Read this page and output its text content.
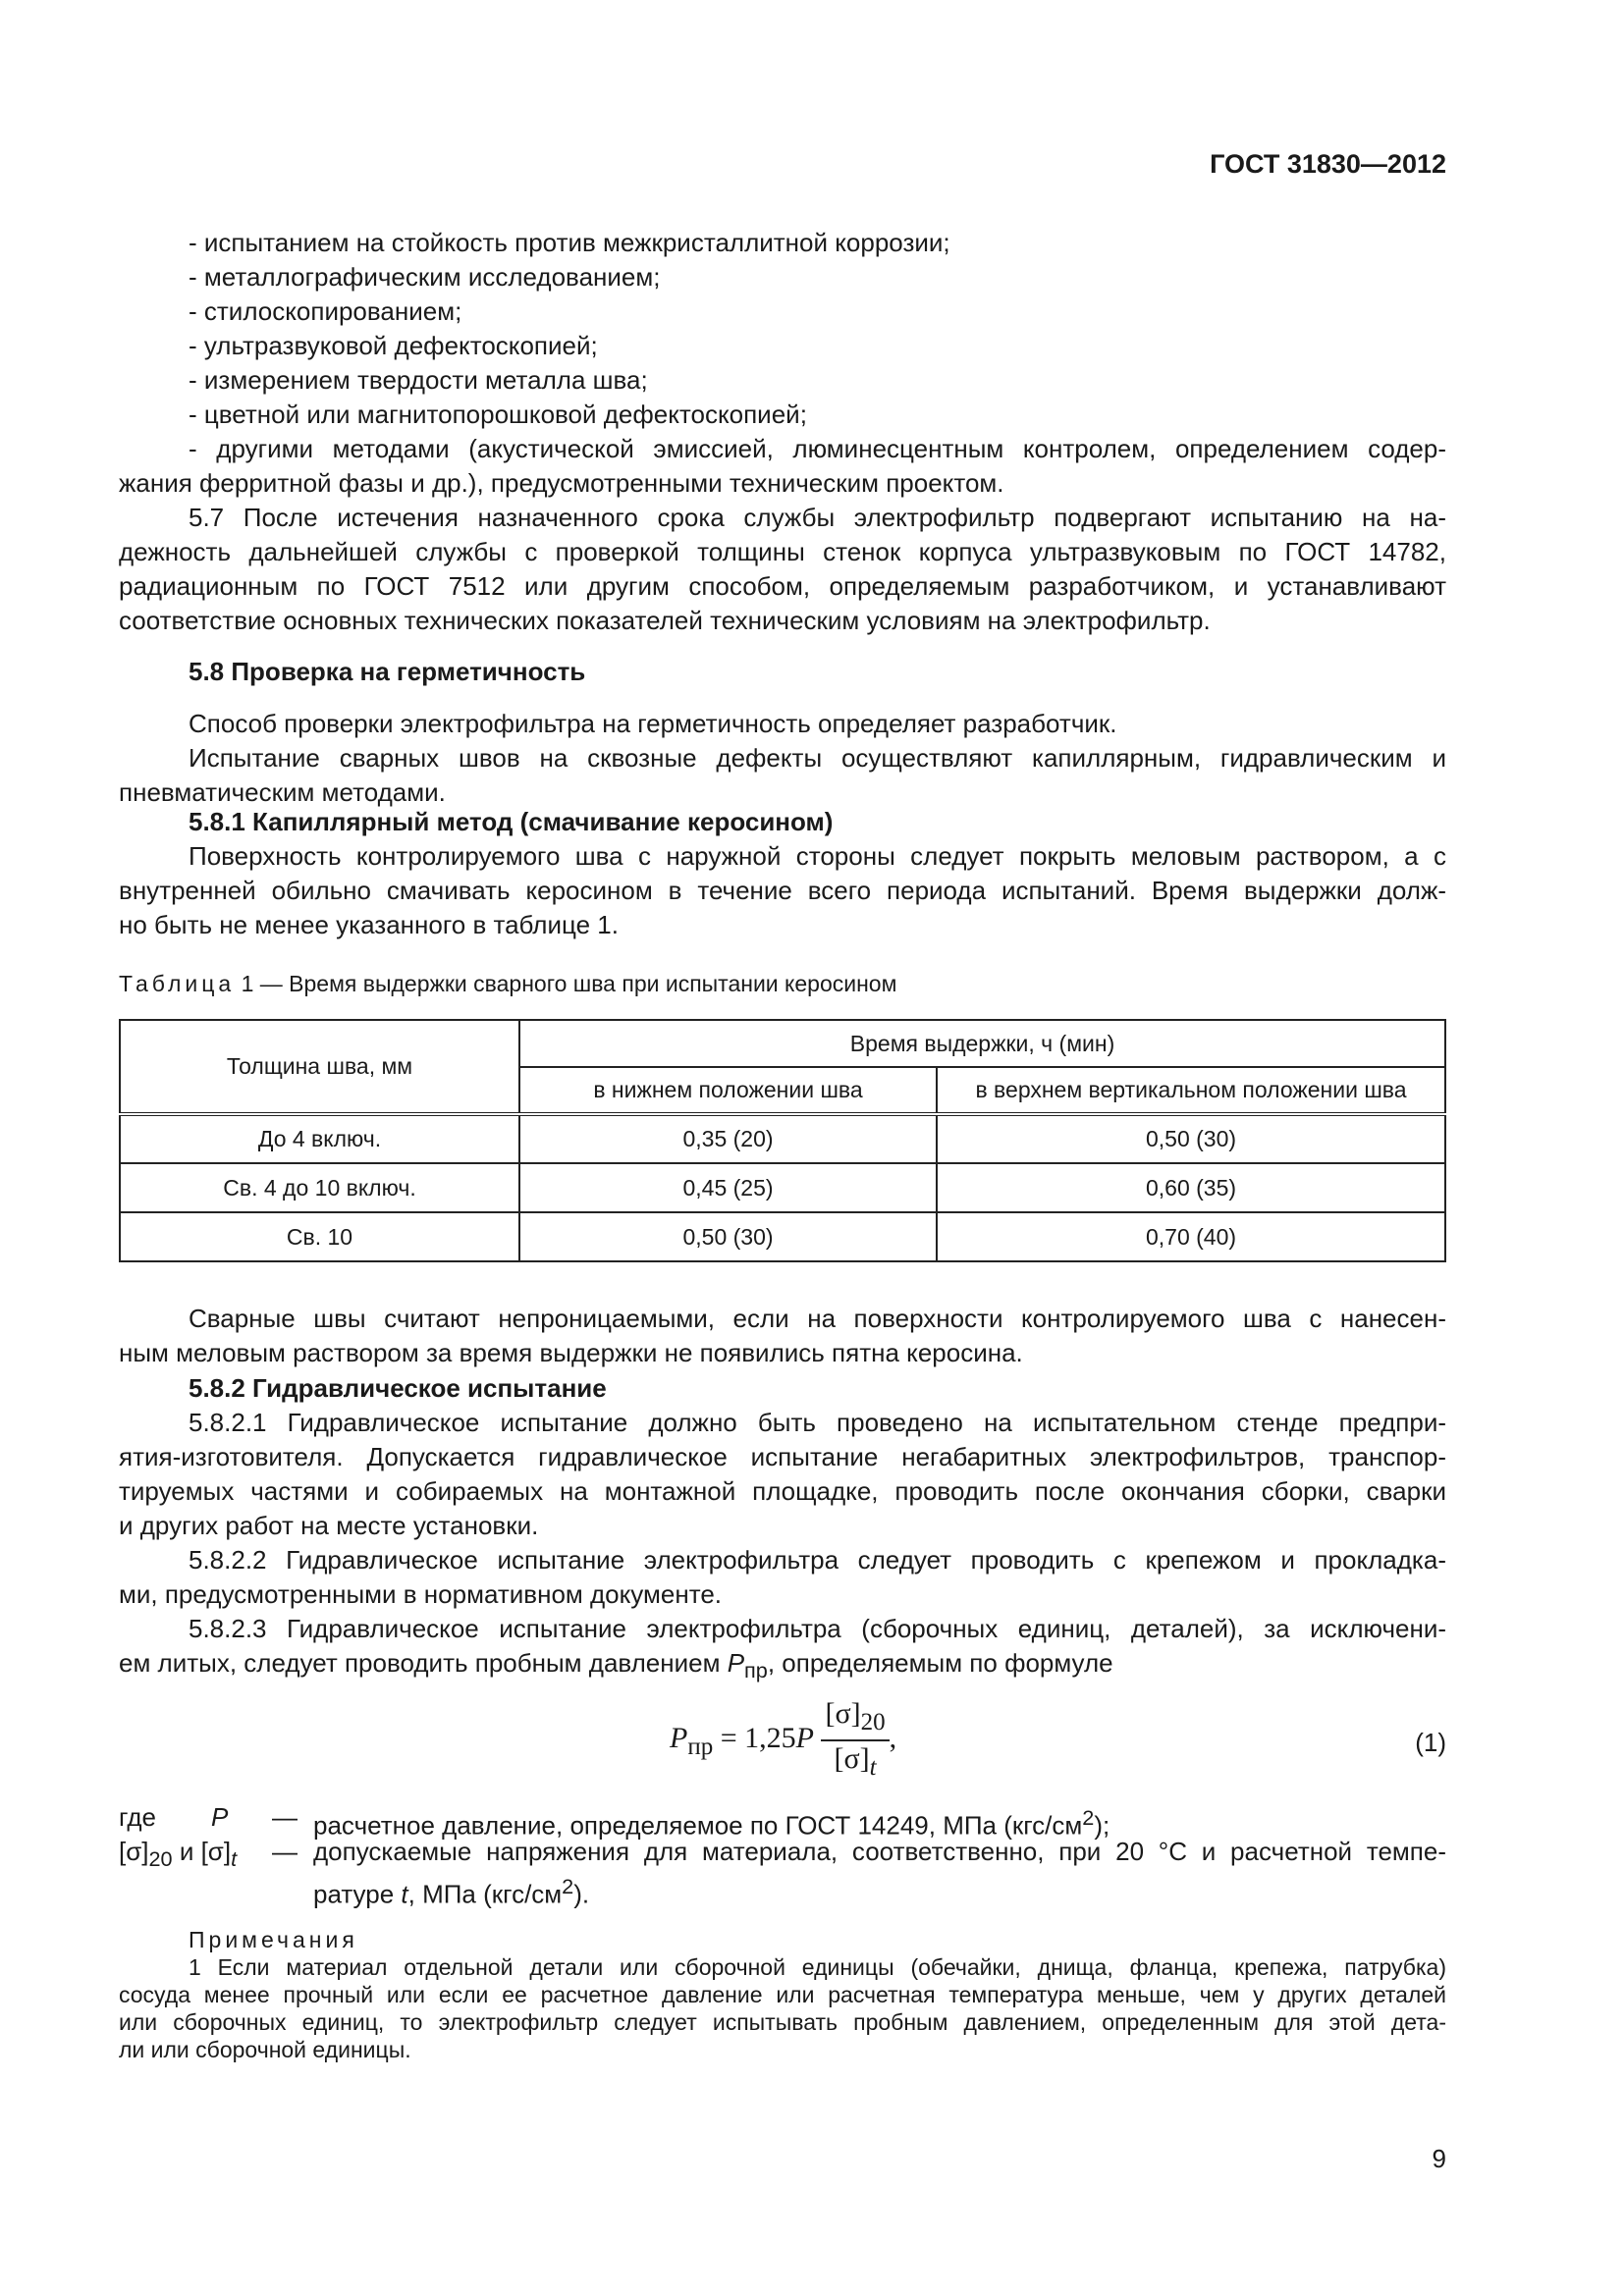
ГОСТ 31830—2012

- испытанием на стойкость против межкристаллитной коррозии;

- металлографическим исследованием;

- стилоскопированием;

- ультразвуковой дефектоскопией;

- измерением твердости металла шва;

- цветной или магнитопорошковой дефектоскопией;

- другими методами (акустической эмиссией, люминесцентным контролем, определением содер-

жания ферритной фазы и др.), предусмотренными техническим проектом.

5.7 После истечения назначенного срока службы электрофильтр подвергают испытанию на на-

дежность дальнейшей службы с проверкой толщины стенок корпуса ультразвуковым по ГОСТ 14782,

радиационным по ГОСТ 7512 или другим способом, определяемым разработчиком, и устанавливают

соответствие основных технических показателей техническим условиям на электрофильтр.

5.8 Проверка на герметичность

Способ проверки электрофильтра на герметичность определяет разработчик.

Испытание сварных швов на сквозные дефекты осуществляют капиллярным, гидравлическим и

пневматическим методами.

5.8.1 Капиллярный метод (смачивание керосином)

Поверхность контролируемого шва с наружной стороны следует покрыть меловым раствором, а с

внутренней обильно смачивать керосином в течение всего периода испытаний. Время выдержки долж-

но быть не менее указанного в таблице 1.

Таблица 1 — Время выдержки сварного шва при испытании керосином
Толщина шва, мм	Время выдержки, ч (мин)	
	в нижнем положении шва	в верхнем вертикальном положении шва
До 4 включ.	0,35 (20)	0,50 (30)
Св. 4 до 10 включ.	0,45 (25)	0,60 (35)
Св. 10	0,50 (30)	0,70 (40)

Сварные швы считают непроницаемыми, если на поверхности контролируемого шва с нанесен-

ным меловым раствором за время выдержки не появились пятна керосина.

5.8.2 Гидравлическое испытание

5.8.2.1 Гидравлическое испытание должно быть проведено на испытательном стенде предпри-

ятия-изготовителя. Допускается гидравлическое испытание негабаритных электрофильтров, транспор-

тируемых частями и собираемых на монтажной площадке, проводить после окончания сборки, сварки

и других работ на месте установки.

5.8.2.2 Гидравлическое испытание электрофильтра следует проводить с крепежом и прокладка-

ми, предусмотренными в нормативном документе.

5.8.2.3 Гидравлическое испытание электрофильтра (сборочных единиц, деталей), за исключени-

ем литых, следует проводить пробным давлением $P_{пр}$, определяемым по формуле

$P_{пр} = 1,25P \frac{[\sigma]_{20}}{[\sigma]_t}$ ,	(1)
где P — расчетное давление, определяемое по ГОСТ 14249, МПа $(кгс/см^2)$;
$[\sigma]_{20}$ и $[\sigma]_t$ — допускаемые напряжения для материала, соответственно, при 20 °С и расчетной темпе-
ратуре t, МПа $(кгс/см^2)$.

Примечания

1 Если материал отдельной детали или сборочной единицы (обечайки, днища, фланца, крепежа, патрубка)

сосуда менее прочный или если ее расчетное давление или расчетная температура меньше, чем у других деталей

или сборочных единиц, то электрофильтр следует испытывать пробным давлением, определенным для этой дета-

ли или сборочной единицы.

9
